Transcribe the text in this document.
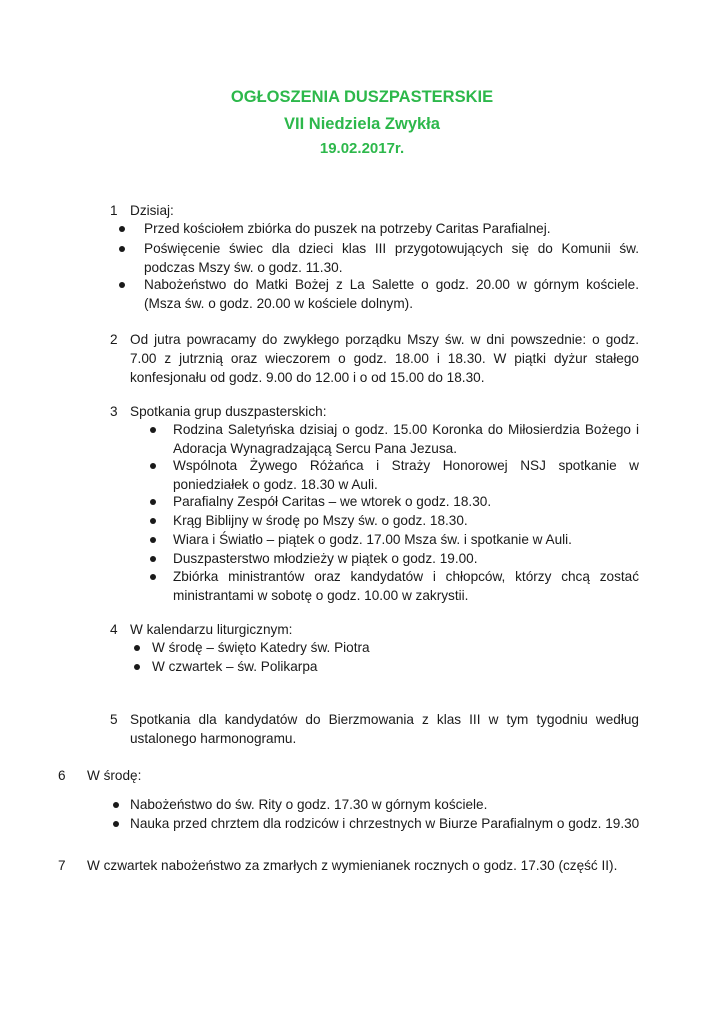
OGŁOSZENIA DUSZPASTERSKIE
VII Niedziela Zwykła
19.02.2017r.
1 Dzisiaj:
Przed kościołem zbiórka do puszek na potrzeby Caritas Parafialnej.
Poświęcenie świec dla dzieci klas III przygotowujących się do Komunii św. podczas Mszy św. o godz. 11.30.
Nabożeństwo do Matki Bożej z La Salette o godz. 20.00 w górnym kościele. (Msza św. o godz. 20.00 w kościele dolnym).
2 Od jutra powracamy do zwykłego porządku Mszy św. w dni powszednie: o godz. 7.00 z jutrznią oraz wieczorem o godz. 18.00 i 18.30. W piątki dyżur stałego konfesjonału od godz. 9.00 do 12.00 i o od 15.00 do 18.30.
3 Spotkania grup duszpasterskich:
Rodzina Saletyńska dzisiaj o godz. 15.00 Koronka do Miłosierdzia Bożego i Adoracja Wynagradzającą Sercu Pana Jezusa.
Wspólnota Żywego Różańca i Straży Honorowej NSJ spotkanie w poniedziałek o godz. 18.30 w Auli.
Parafialny Zespół Caritas – we wtorek o godz. 18.30.
Krąg Biblijny w środę po Mszy św. o godz. 18.30.
Wiara i Światło – piątek o godz. 17.00 Msza św. i spotkanie w Auli.
Duszpasterstwo młodzieży w piątek o godz. 19.00.
Zbiórka ministrantów oraz kandydatów i chłopców, którzy chcą zostać ministrantami w sobotę o godz. 10.00 w zakrystii.
4 W kalendarzu liturgicznym:
W środę – święto Katedry św. Piotra
W czwartek – św. Polikarpa
5 Spotkania dla kandydatów do Bierzmowania z klas III w tym tygodniu według ustalonego harmonogramu.
6 W środę:
Nabożeństwo do św. Rity o godz. 17.30 w górnym kościele.
Nauka przed chrztem dla rodziców i chrzestnych w Biurze Parafialnym o godz. 19.30
7 W czwartek nabożeństwo za zmarłych z wymienianek rocznych o godz. 17.30 (część II).
